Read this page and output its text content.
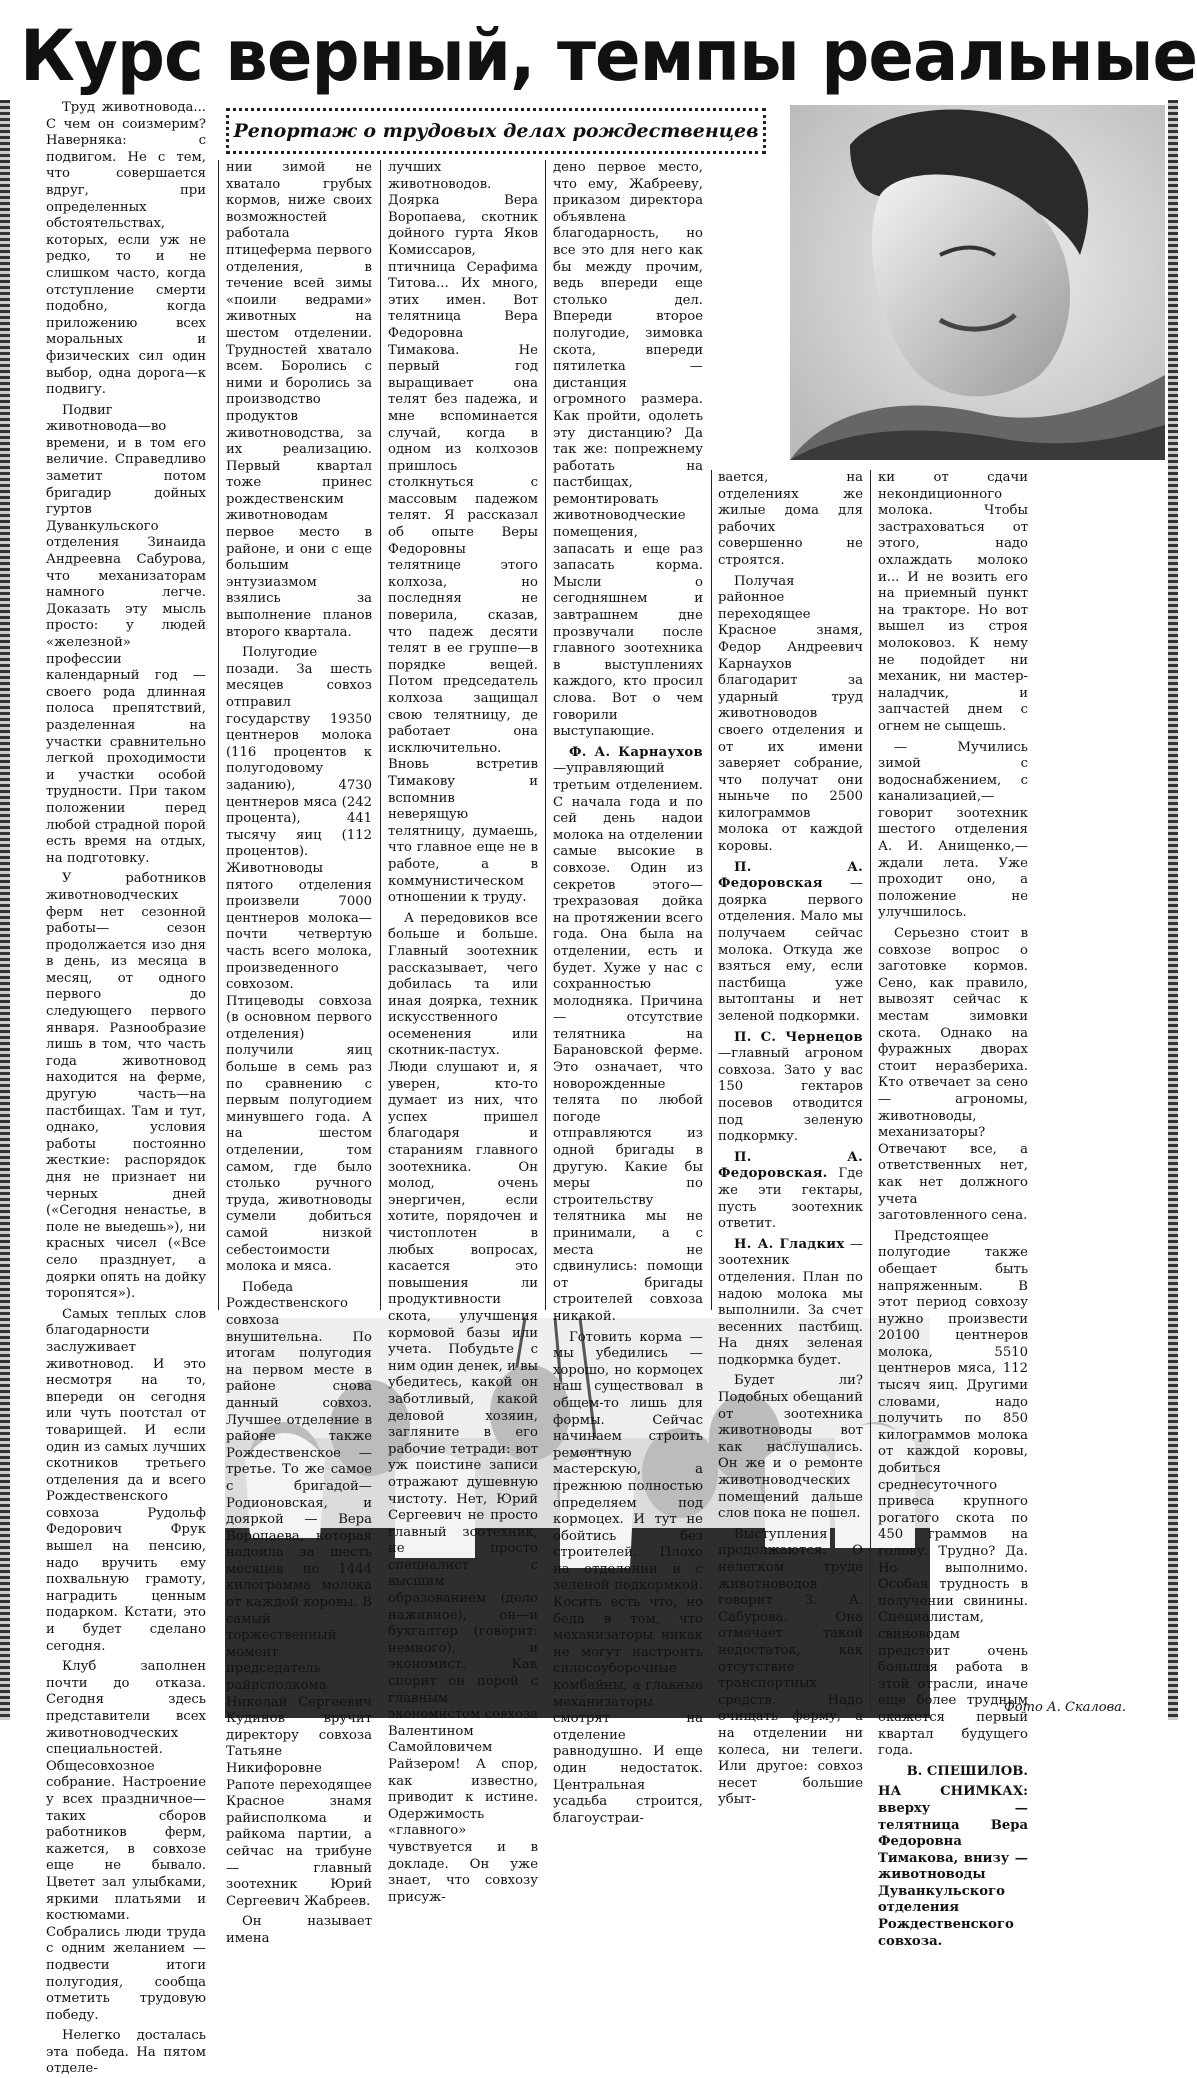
Курс верный, темпы реальные
Репортаж о трудовых делах рождественцев

Труд животновода... С чем он соизмерим? Наверняка: с подвигом. Не с тем, что совершается вдруг, при определенных обстоятельствах, которых, если уж не редко, то и не слишком часто, когда отступление смерти подобно, когда приложению всех моральных и физических сил один выбор, одна дорога—к подвигу.

Подвиг животновода—во времени, и в том его величие. Справедливо заметит потом бригадир дойных гуртов Дуванкульского отделения Зинаида Андреевна Сабурова, что механизаторам намного легче. Доказать эту мысль просто: у людей «железной» профессии календарный год — своего рода длинная полоса препятствий, разделенная на участки сравнительно легкой проходимости и участки особой трудности. При таком положении перед любой страдной порой есть время на отдых, на подготовку.

У работников животноводческих ферм нет сезонной работы— сезон продолжается изо дня в день, из месяца в месяц, от одного первого до следующего первого января. Разнообразие лишь в том, что часть года животновод находится на ферме, другую часть—на пастбищах. Там и тут, однако, условия работы постоянно жесткие: распорядок дня не признает ни черных дней («Сегодня ненастье, в поле не выедешь»), ни красных чисел («Все село празднует, а доярки опять на дойку торопятся»).

Самых теплых слов благодарности заслуживает животновод. И это несмотря на то, впереди он сегодня или чуть поотстал от товарищей. И если один из самых лучших скотников третьего отделения да и всего Рождественского совхоза Рудольф Федорович Фрук вышел на пенсию, надо вручить ему похвальную грамоту, наградить ценным подарком. Кстати, это и будет сделано сегодня.

Клуб заполнен почти до отказа. Сегодня здесь представители всех животноводческих специальностей. Общесовхозное собрание. Настроение у всех праздничное—таких сборов работников ферм, кажется, в совхозе еще не бывало. Цветет зал улыбками, яркими платьями и костюмами. Собрались люди труда с одним желанием — подвести итоги полугодия, сообща отметить трудовую победу.

Нелегко досталась эта победа. На пятом отделе-

нии зимой не хватало грубых кормов, ниже своих возможностей работала птицеферма первого отделения, в течение всей зимы «поили ведрами» животных на шестом отделении. Трудностей хватало всем. Боролись с ними и боролись за производство продуктов животноводства, за их реализацию. Первый квартал тоже принес рождественским животноводам первое место в районе, и они с еще большим энтузиазмом взялись за выполнение планов второго квартала.

Полугодие позади. За шесть месяцев совхоз отправил государству 19350 центнеров молока (116 процентов к полугодовому заданию), 4730 центнеров мяса (242 процента), 441 тысячу яиц (112 процентов). Животноводы пятого отделения произвели 7000 центнеров молока—почти четвертую часть всего молока, произведенного совхозом. Птицеводы совхоза (в основном первого отделения) получили яиц больше в семь раз по сравнению с первым полугодием минувшего года. А на шестом отделении, том самом, где было столько ручного труда, животноводы сумели добиться самой низкой себестоимости молока и мяса.

Победа Рождественского совхоза внушительна. По итогам полугодия на первом месте в районе снова данный совхоз. Лучшее отделение в районе также Рождественское — третье. То же самое с бригадой—Родионовская, и дояркой — Вера Воропаева, которая надоила за шесть месяцев по 1444 килограмма молока от каждой коровы. В самый торжественный момент председатель райисполкома Николай Сергеевич Кудинов вручит директору совхоза Татьяне Никифоровне Рапоте переходящее Красное знамя райисполкома и райкома партии, а сейчас на трибуне — главный зоотехник Юрий Сергеевич Жабреев.

Он называет имена

лучших животноводов. Доярка Вера Воропаева, скотник дойного гурта Яков Комиссаров, птичница Серафима Титова... Их много, этих имен. Вот телятница Вера Федоровна Тимакова. Не первый год выращивает она телят без падежа, и мне вспоминается случай, когда в одном из колхозов пришлось столкнуться с массовым падежом телят. Я рассказал об опыте Веры Федоровны телятнице этого колхоза, но последняя не поверила, сказав, что падеж десяти телят в ее группе—в порядке вещей. Потом председатель колхоза защищал свою телятницу, де работает она исключительно. Вновь встретив Тимакову и вспомнив неверящую телятницу, думаешь, что главное еще не в работе, а в коммунистическом отношении к труду.

А передовиков все больше и больше. Главный зоотехник рассказывает, чего добилась та или иная доярка, техник искусственного осеменения или скотник-пастух. Люди слушают и, я уверен, кто-то думает из них, что успех пришел благодаря и стараниям главного зоотехника. Он молод, очень энергичен, если хотите, порядочен и чистоплотен в любых вопросах, касается это повышения ли продуктивности скота, улучшения кормовой базы или учета. Побудьте с ним один денек, и вы убедитесь, какой он заботливый, какой деловой хозяин, загляните в его рабочие тетради: вот уж поистине записи отражают душевную чистоту. Нет, Юрий Сергеевич не просто главный зоотехник, не просто специалист с высшим образованием (дело наживное), он—и бухгалтер (говорит: немного), и экономист. Как спорит он порой с главным экономистом совхоза Валентином Самойловичем Райзером! А спор, как известно, приводит к истине. Одержимость «главного» чувствуется и в докладе. Он уже знает, что совхозу присуж-

дено первое место, что ему, Жабрееву, приказом директора объявлена благодарность, но все это для него как бы между прочим, ведь впереди еще столько дел. Впереди второе полугодие, зимовка скота, впереди пятилетка —дистанция огромного размера. Как пройти, одолеть эту дистанцию? Да так же: попрежнему работать на пастбищах, ремонтировать животноводческие помещения, запасать и еще раз запасать корма. Мысли о сегодняшнем и завтрашнем дне прозвучали после главного зоотехника в выступлениях каждого, кто просил слова. Вот о чем говорили выступающие.

Ф. А. Карнаухов—управляющий третьим отделением. С начала года и по сей день надои молока на отделении самые высокие в совхозе. Один из секретов этого—трехразовая дойка на протяжении всего года. Она была на отделении, есть и будет. Хуже у нас с сохранностью молодняка. Причина — отсутствие телятника на Барановской ферме. Это означает, что новорожденные телята по любой погоде отправляются из одной бригады в другую. Какие бы меры по строительству телятника мы не принимали, а с места не сдвинулись: помощи от бригады строителей совхоза никакой.

Готовить корма — мы убедились — хорошо, но кормоцех наш существовал в общем-то лишь для формы. Сейчас начинаем строить ремонтную мастерскую, а прежнюю полностью определяем под кормоцех. И тут не обойтись без строителей. Плохо на отделении и с зеленой подкормкой. Косить есть что, но беда в том, что механизаторы никак не могут настроить силосоуборочные комбайны, а главные механизаторы смотрят на отделение равнодушно. И еще один недостаток. Центральная усадьба строится, благоустраи-

вается, на отделениях же жилые дома для рабочих совершенно не строятся.

Получая районное переходящее Красное знамя, Федор Андреевич Карнаухов благодарит за ударный труд животноводов своего отделения и от их имени заверяет собрание, что получат они ныньче по 2500 килограммов молока от каждой коровы.

П. А. Федоровская — доярка первого отделения. Мало мы получаем сейчас молока. Откуда же взяться ему, если пастбища уже вытоптаны и нет зеленой подкормки.

П. С. Чернецов—главный агроном совхоза. Зато у вас 150 гектаров посевов отводится под зеленую подкормку.

П. А. Федоровская. Где же эти гектары, пусть зоотехник ответит.

Н. А. Гладких — зоотехник отделения. План по надою молока мы выполнили. За счет весенних пастбищ. На днях зеленая подкормка будет.

Будет ли? Подобных обещаний от зоотехника животноводы вот как наслушались. Он же и о ремонте животноводческих помещений дальше слов пока не пошел.

Выступления продолжаются. О нелегком труде животноводов говорит З. А. Сабурова. Она отмечает такой недостаток, как отсутствие транспортных средств. Надо очищать ферму, а на отделении ни колеса, ни телеги. Или другое: совхоз несет большие убыт-

ки от сдачи некондиционного молока. Чтобы застраховаться от этого, надо охлаждать молоко и... И не возить его на приемный пункт на тракторе. Но вот вышел из строя молоковоз. К нему не подойдет ни механик, ни мастер-наладчик, и запчастей днем с огнем не сыщешь.

— Мучились зимой с водоснабжением, с канализацией,—говорит зоотехник шестого отделения А. И. Анищенко,— ждали лета. Уже проходит оно, а положение не улучшилось.

Серьезно стоит в совхозе вопрос о заготовке кормов. Сено, как правило, вывозят сейчас к местам зимовки скота. Однако на фуражных дворах стоит неразбериха. Кто отвечает за сено — агрономы, животноводы, механизаторы? Отвечают все, а ответственных нет, как нет должного учета заготовленного сена.

Предстоящее полугодие также обещает быть напряженным. В этот период совхозу нужно произвести 20100 центнеров молока, 5510 центнеров мяса, 112 тысяч яиц. Другими словами, надо получить по 850 килограммов молока от каждой коровы, добиться среднесуточного привеса крупного рогатого скота по 450 граммов на голову. Трудно? Да. Но выполнимо. Особая трудность в получении свинины. Специалистам, свиноводам предстоит очень большая работа в этой отрасли, иначе еще более трудным окажется первый квартал будущего года.

В. СПЕШИЛОВ.

НА СНИМКАХ: вверху — телятница Вера Федоровна Тимакова, внизу — животноводы Дуванкульского отделения Рождественского совхоза.

Фото А. Скалова.
